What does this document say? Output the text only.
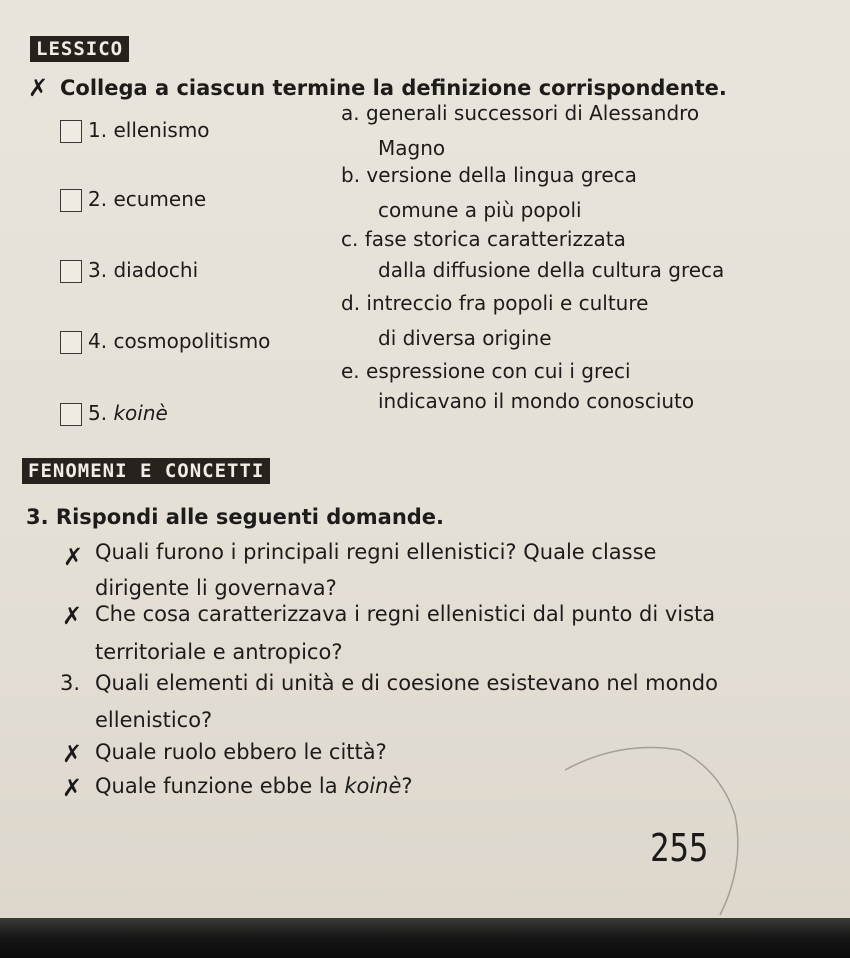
LESSICO
✗ Collega a ciascun termine la definizione corrispondente.
1. ellenismo
2. ecumene
3. diadochi
4. cosmopolitismo
5. koinè
a. generali successori di Alessandro
Magno
b. versione della lingua greca
comune a più popoli
c. fase storica caratterizzata
dalla diffusione della cultura greca
d. intreccio fra popoli e culture
di diversa origine
e. espressione con cui i greci
indicavano il mondo conosciuto
FENOMENI E CONCETTI
3. Rispondi alle seguenti domande.
✗ Quali furono i principali regni ellenistici? Quale classe
dirigente li governava?
✗ Che cosa caratterizzava i regni ellenistici dal punto di vista
territoriale e antropico?
3. Quali elementi di unità e di coesione esistevano nel mondo
ellenistico?
✗ Quale ruolo ebbero le città?
✗ Quale funzione ebbe la koinè?
255
